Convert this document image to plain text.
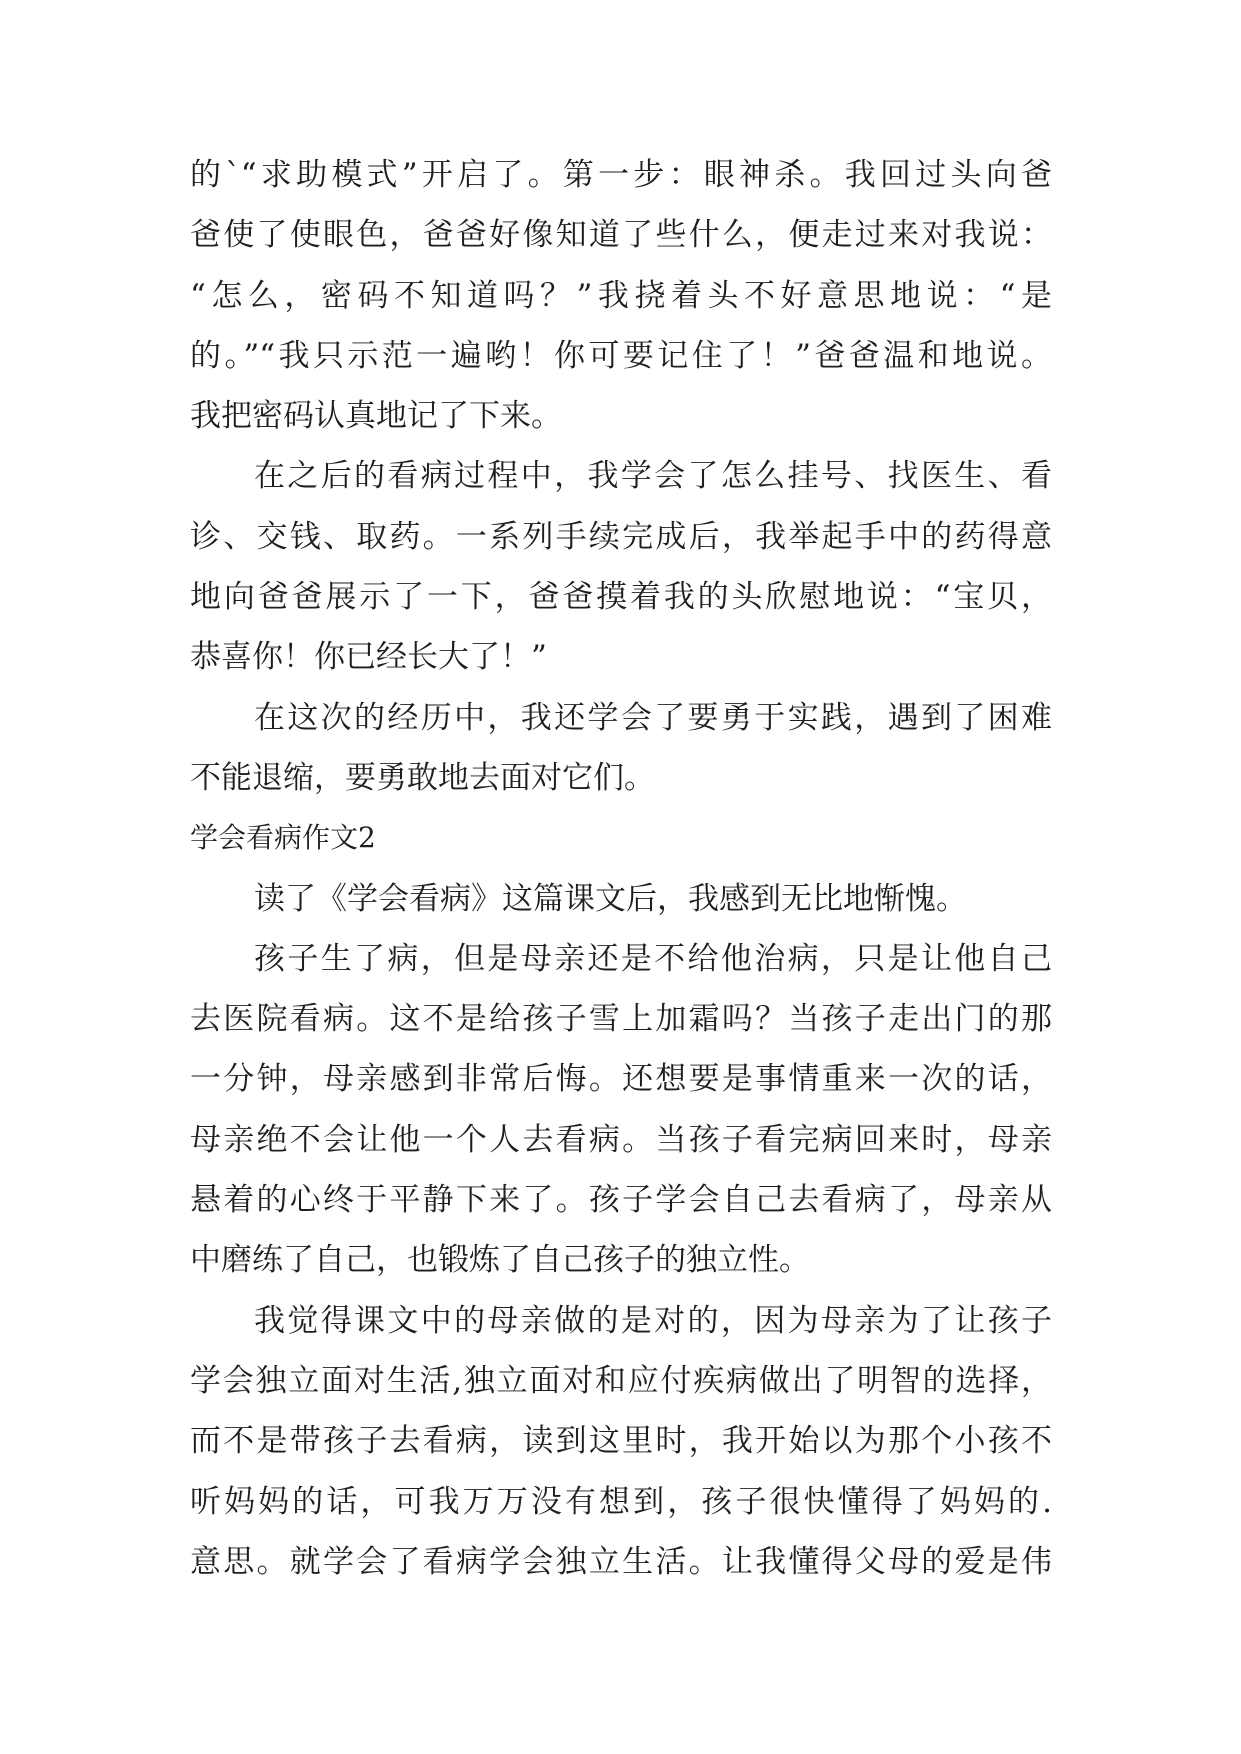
的`“求助模式”开启了。第一步：眼神杀。我回过头向爸
爸使了使眼色，爸爸好像知道了些什么，便走过来对我说：
“怎么，密码不知道吗？”我挠着头不好意思地说：“是
的。”“我只示范一遍哟！你可要记住了！”爸爸温和地说。
我把密码认真地记了下来。
在之后的看病过程中，我学会了怎么挂号、找医生、看
诊、交钱、取药。一系列手续完成后，我举起手中的药得意
地向爸爸展示了一下，爸爸摸着我的头欣慰地说：“宝贝，
恭喜你！你已经长大了！”
在这次的经历中，我还学会了要勇于实践，遇到了困难
不能退缩，要勇敢地去面对它们。
学会看病作文2
读了《学会看病》这篇课文后，我感到无比地惭愧。
孩子生了病，但是母亲还是不给他治病，只是让他自己
去医院看病。这不是给孩子雪上加霜吗？当孩子走出门的那
一分钟，母亲感到非常后悔。还想要是事情重来一次的话，
母亲绝不会让他一个人去看病。当孩子看完病回来时，母亲
悬着的心终于平静下来了。孩子学会自己去看病了，母亲从
中磨练了自己，也锻炼了自己孩子的独立性。
我觉得课文中的母亲做的是对的，因为母亲为了让孩子
学会独立面对生活,独立面对和应付疾病做出了明智的选择，
而不是带孩子去看病，读到这里时，我开始以为那个小孩不
听妈妈的话，可我万万没有想到，孩子很快懂得了妈妈的.
意思。就学会了看病学会独立生活。让我懂得父母的爱是伟
